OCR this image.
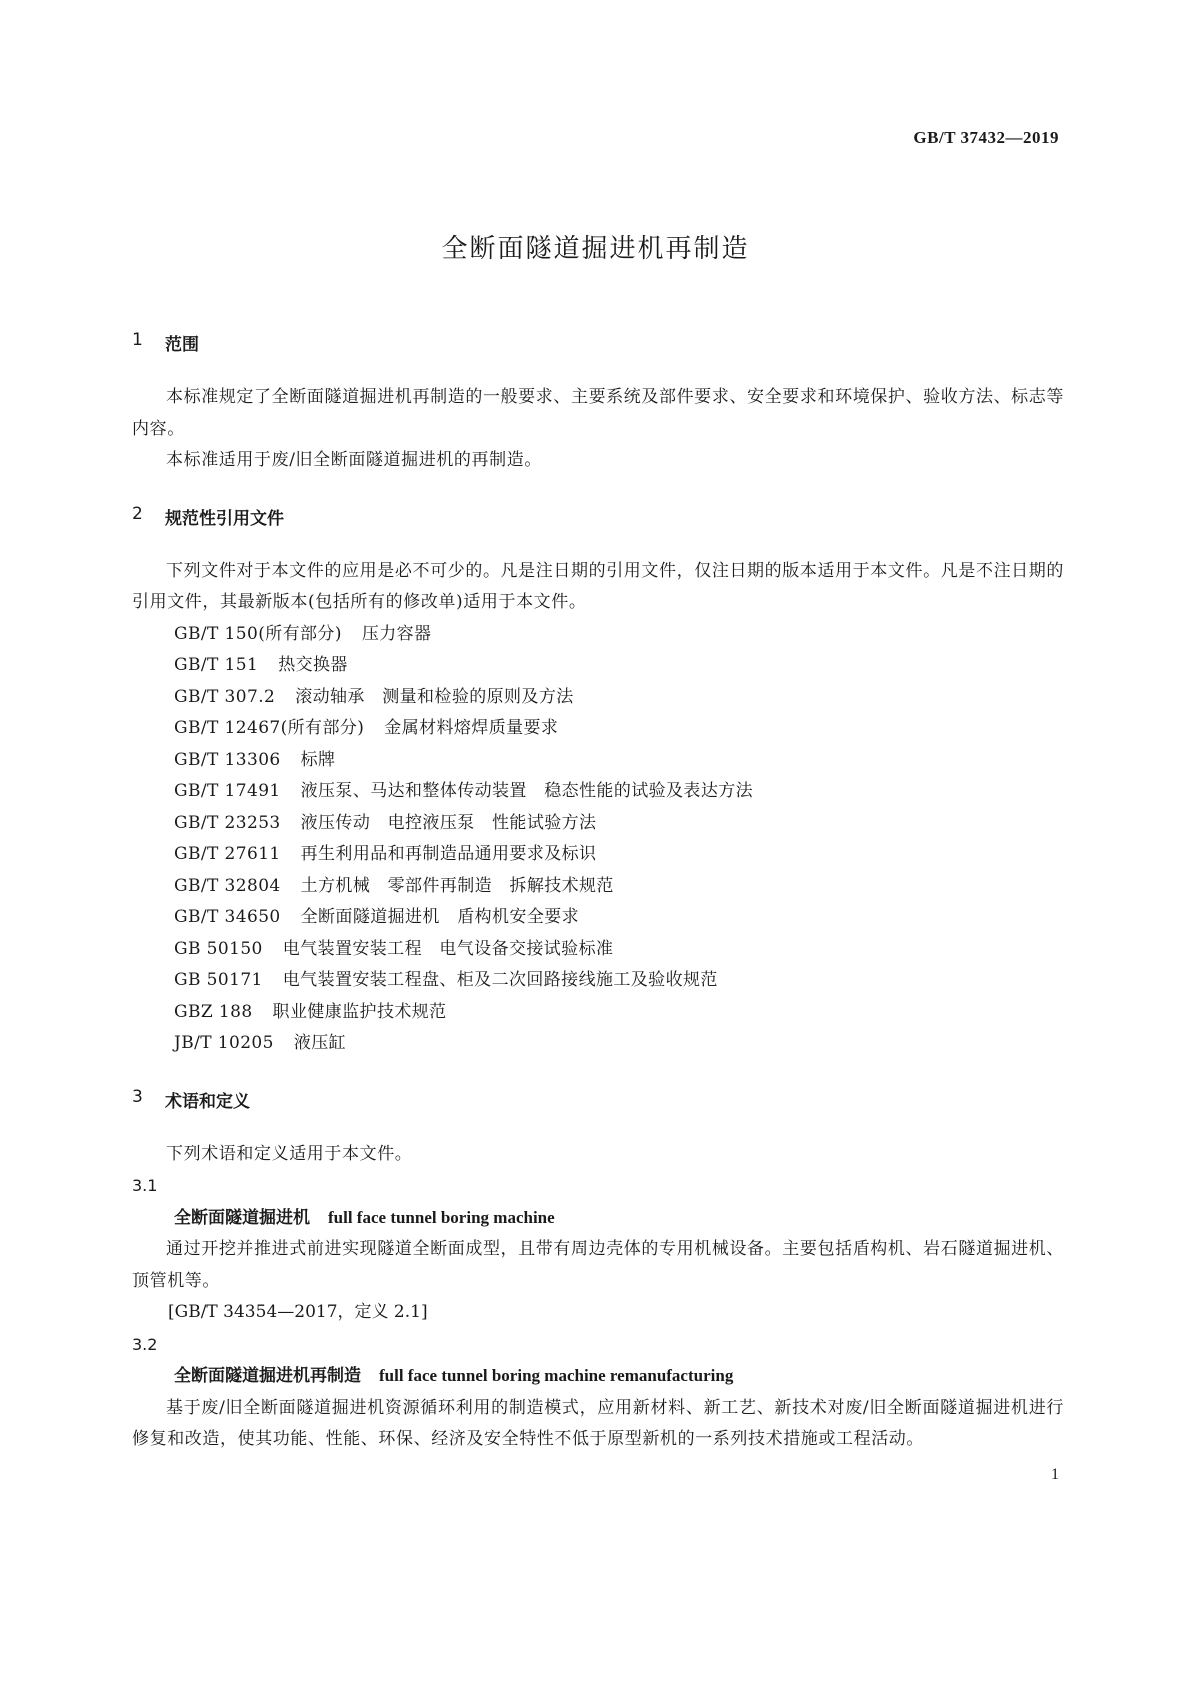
GB/T 37432—2019
全断面隧道掘进机再制造
1	范围

本标准规定了全断面隧道掘进机再制造的一般要求、主要系统及部件要求、安全要求和环境保护、验收方法、标志等内容。

本标准适用于废/旧全断面隧道掘进机的再制造。

2	规范性引用文件

下列文件对于本文件的应用是必不可少的。凡是注日期的引用文件，仅注日期的版本适用于本文件。凡是不注日期的引用文件，其最新版本(包括所有的修改单)适用于本文件。

GB/T 150(所有部分) 压力容器

GB/T 151 热交换器

GB/T 307.2 滚动轴承　测量和检验的原则及方法

GB/T 12467(所有部分) 金属材料熔焊质量要求

GB/T 13306 标牌

GB/T 17491 液压泵、马达和整体传动装置　稳态性能的试验及表达方法

GB/T 23253 液压传动　电控液压泵　性能试验方法

GB/T 27611 再生利用品和再制造品通用要求及标识

GB/T 32804 土方机械　零部件再制造　拆解技术规范

GB/T 34650 全断面隧道掘进机　盾构机安全要求

GB 50150 电气装置安装工程　电气设备交接试验标准

GB 50171 电气装置安装工程盘、柜及二次回路接线施工及验收规范

GBZ 188 职业健康监护技术规范

JB/T 10205 液压缸

3	术语和定义

下列术语和定义适用于本文件。

3.1

全断面隧道掘进机 full face tunnel boring machine

通过开挖并推进式前进实现隧道全断面成型，且带有周边壳体的专用机械设备。主要包括盾构机、岩石隧道掘进机、顶管机等。

[GB/T 34354—2017，定义 2.1]

3.2

全断面隧道掘进机再制造 full face tunnel boring machine remanufacturing

基于废/旧全断面隧道掘进机资源循环利用的制造模式，应用新材料、新工艺、新技术对废/旧全断面隧道掘进机进行修复和改造，使其功能、性能、环保、经济及安全特性不低于原型新机的一系列技术措施或工程活动。

1
